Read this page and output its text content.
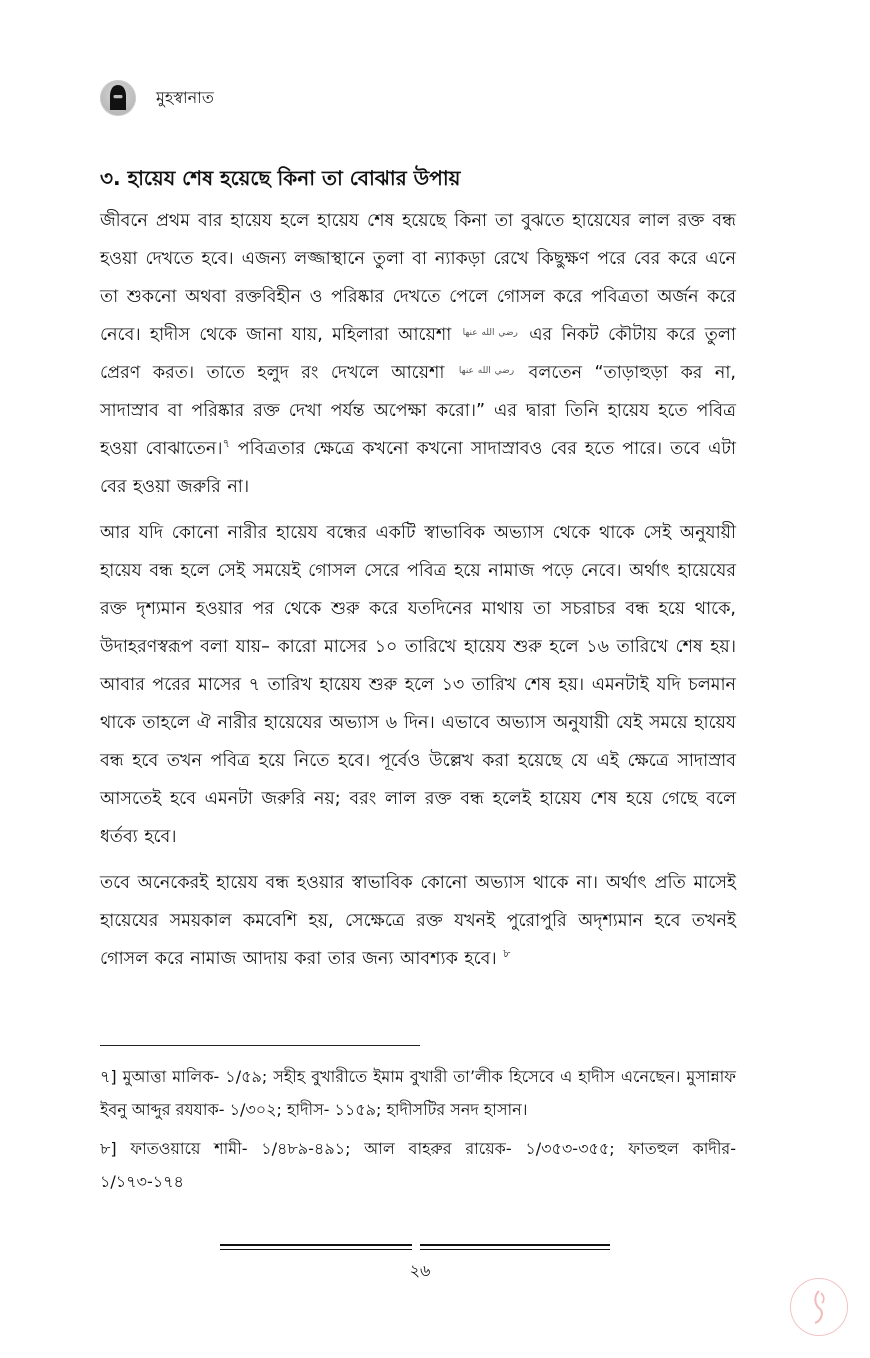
মুহস্বানাত
৩. হায়েয শেষ হয়েছে কিনা তা বোঝার উপায়

জীবনে প্রথম বার হায়েয হলে হায়েয শেষ হয়েছে কিনা তা বুঝতে হায়েযের লাল রক্ত বন্ধ হওয়া দেখতে হবে। এজন্য লজ্জাস্থানে তুলা বা ন্যাকড়া রেখে কিছুক্ষণ পরে বের করে এনে তা শুকনো অথবা রক্তবিহীন ও পরিষ্কার দেখতে পেলে গোসল করে পবিত্রতা অর্জন করে নেবে। হাদীস থেকে জানা যায়, মহিলারা আয়েশা رضي الله عنها এর নিকট কৌটায় করে তুলা প্রেরণ করত। তাতে হলুদ রং দেখলে আয়েশা رضي الله عنها বলতেন “তাড়াহুড়া কর না, সাদাস্রাব বা পরিষ্কার রক্ত দেখা পর্যন্ত অপেক্ষা করো।” এর দ্বারা তিনি হায়েয হতে পবিত্র হওয়া বোঝাতেন।$^৭$ পবিত্রতার ক্ষেত্রে কখনো কখনো সাদাস্রাবও বের হতে পারে। তবে এটা বের হওয়া জরুরি না।

আর যদি কোনো নারীর হায়েয বন্ধের একটি স্বাভাবিক অভ্যাস থেকে থাকে সেই অনুযায়ী হায়েয বন্ধ হলে সেই সময়েই গোসল সেরে পবিত্র হয়ে নামাজ পড়ে নেবে। অর্থাৎ হায়েযের রক্ত দৃশ্যমান হওয়ার পর থেকে শুরু করে যতদিনের মাথায় তা সচরাচর বন্ধ হয়ে থাকে, উদাহরণস্বরূপ বলা যায়– কারো মাসের ১০ তারিখে হায়েয শুরু হলে ১৬ তারিখে শেষ হয়। আবার পরের মাসের ৭ তারিখ হায়েয শুরু হলে ১৩ তারিখ শেষ হয়। এমনটাই যদি চলমান থাকে তাহলে ঐ নারীর হায়েযের অভ্যাস ৬ দিন। এভাবে অভ্যাস অনুযায়ী যেই সময়ে হায়েয বন্ধ হবে তখন পবিত্র হয়ে নিতে হবে। পূর্বেও উল্লেখ করা হয়েছে যে এই ক্ষেত্রে সাদাস্রাব আসতেই হবে এমনটা জরুরি নয়; বরং লাল রক্ত বন্ধ হলেই হায়েয শেষ হয়ে গেছে বলে ধর্তব্য হবে।

তবে অনেকেরই হায়েয বন্ধ হওয়ার স্বাভাবিক কোনো অভ্যাস থাকে না। অর্থাৎ প্রতি মাসেই হায়েযের সময়কাল কমবেশি হয়, সেক্ষেত্রে রক্ত যখনই পুরোপুরি অদৃশ্যমান হবে তখনই গোসল করে নামাজ আদায় করা তার জন্য আবশ্যক হবে। $^৮$

৭] মুআত্তা মালিক- ১/৫৯; সহীহ বুখারীতে ইমাম বুখারী তা’লীক হিসেবে এ হাদীস এনেছেন। মুসান্নাফ ইবনু আব্দুর রযযাক- ১/৩০২; হাদীস- ১১৫৯; হাদীসটির সনদ হাসান।

৮] ফাতওয়ায়ে শামী- ১/৪৮৯-৪৯১; আল বাহরুর রায়েক- ১/৩৫৩-৩৫৫; ফাতহুল কাদীর- ১/১৭৩-১৭৪

২৬
